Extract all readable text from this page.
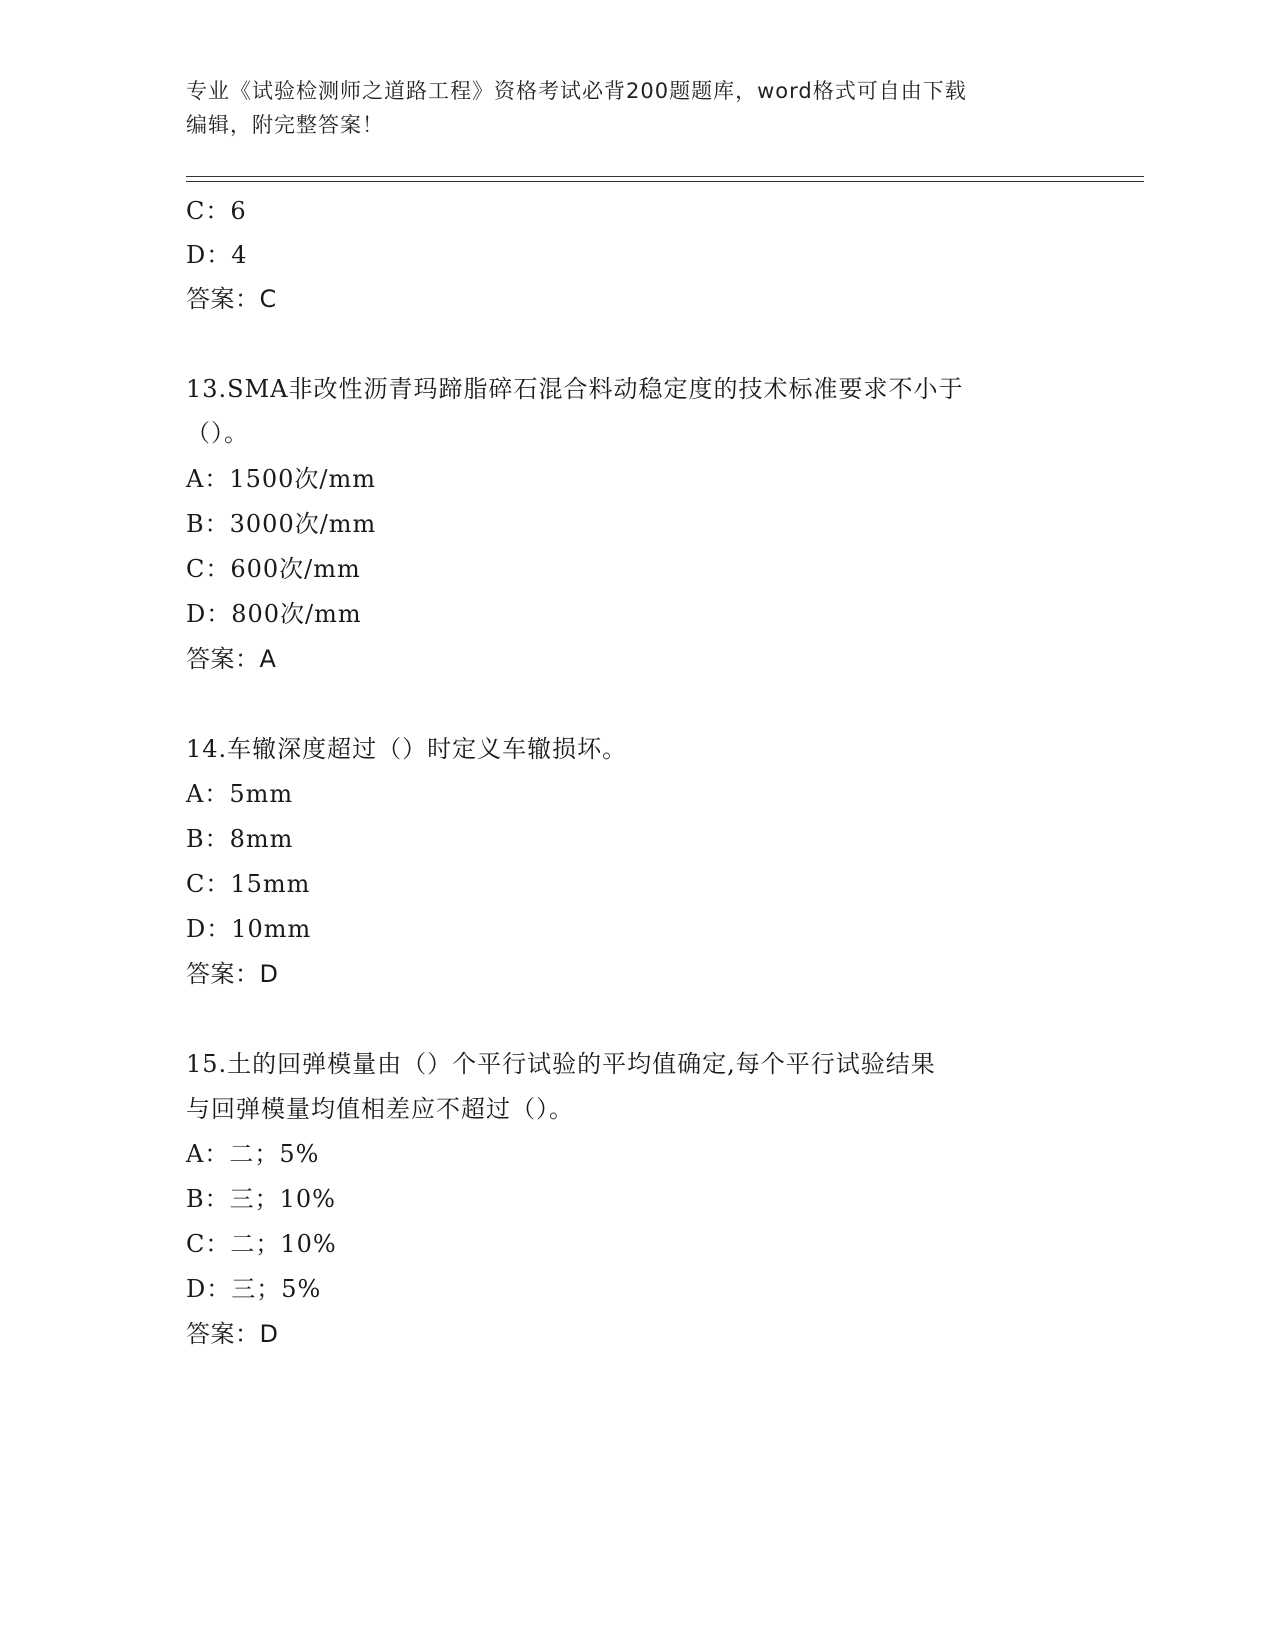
专业《试验检测师之道路工程》资格考试必背200题题库，word格式可自由下载
编辑，附完整答案！
C：6
D：4
答案：C
13.SMA非改性沥青玛蹄脂碎石混合料动稳定度的技术标准要求不小于
（）。
A：1500次/mm
B：3000次/mm
C：600次/mm
D：800次/mm
答案：A
14.车辙深度超过（）时定义车辙损坏。
A：5mm
B：8mm
C：15mm
D：10mm
答案：D
15.土的回弹模量由（）个平行试验的平均值确定,每个平行试验结果
与回弹模量均值相差应不超过（）。
A：二；5%
B：三；10%
C：二；10%
D：三；5%
答案：D
